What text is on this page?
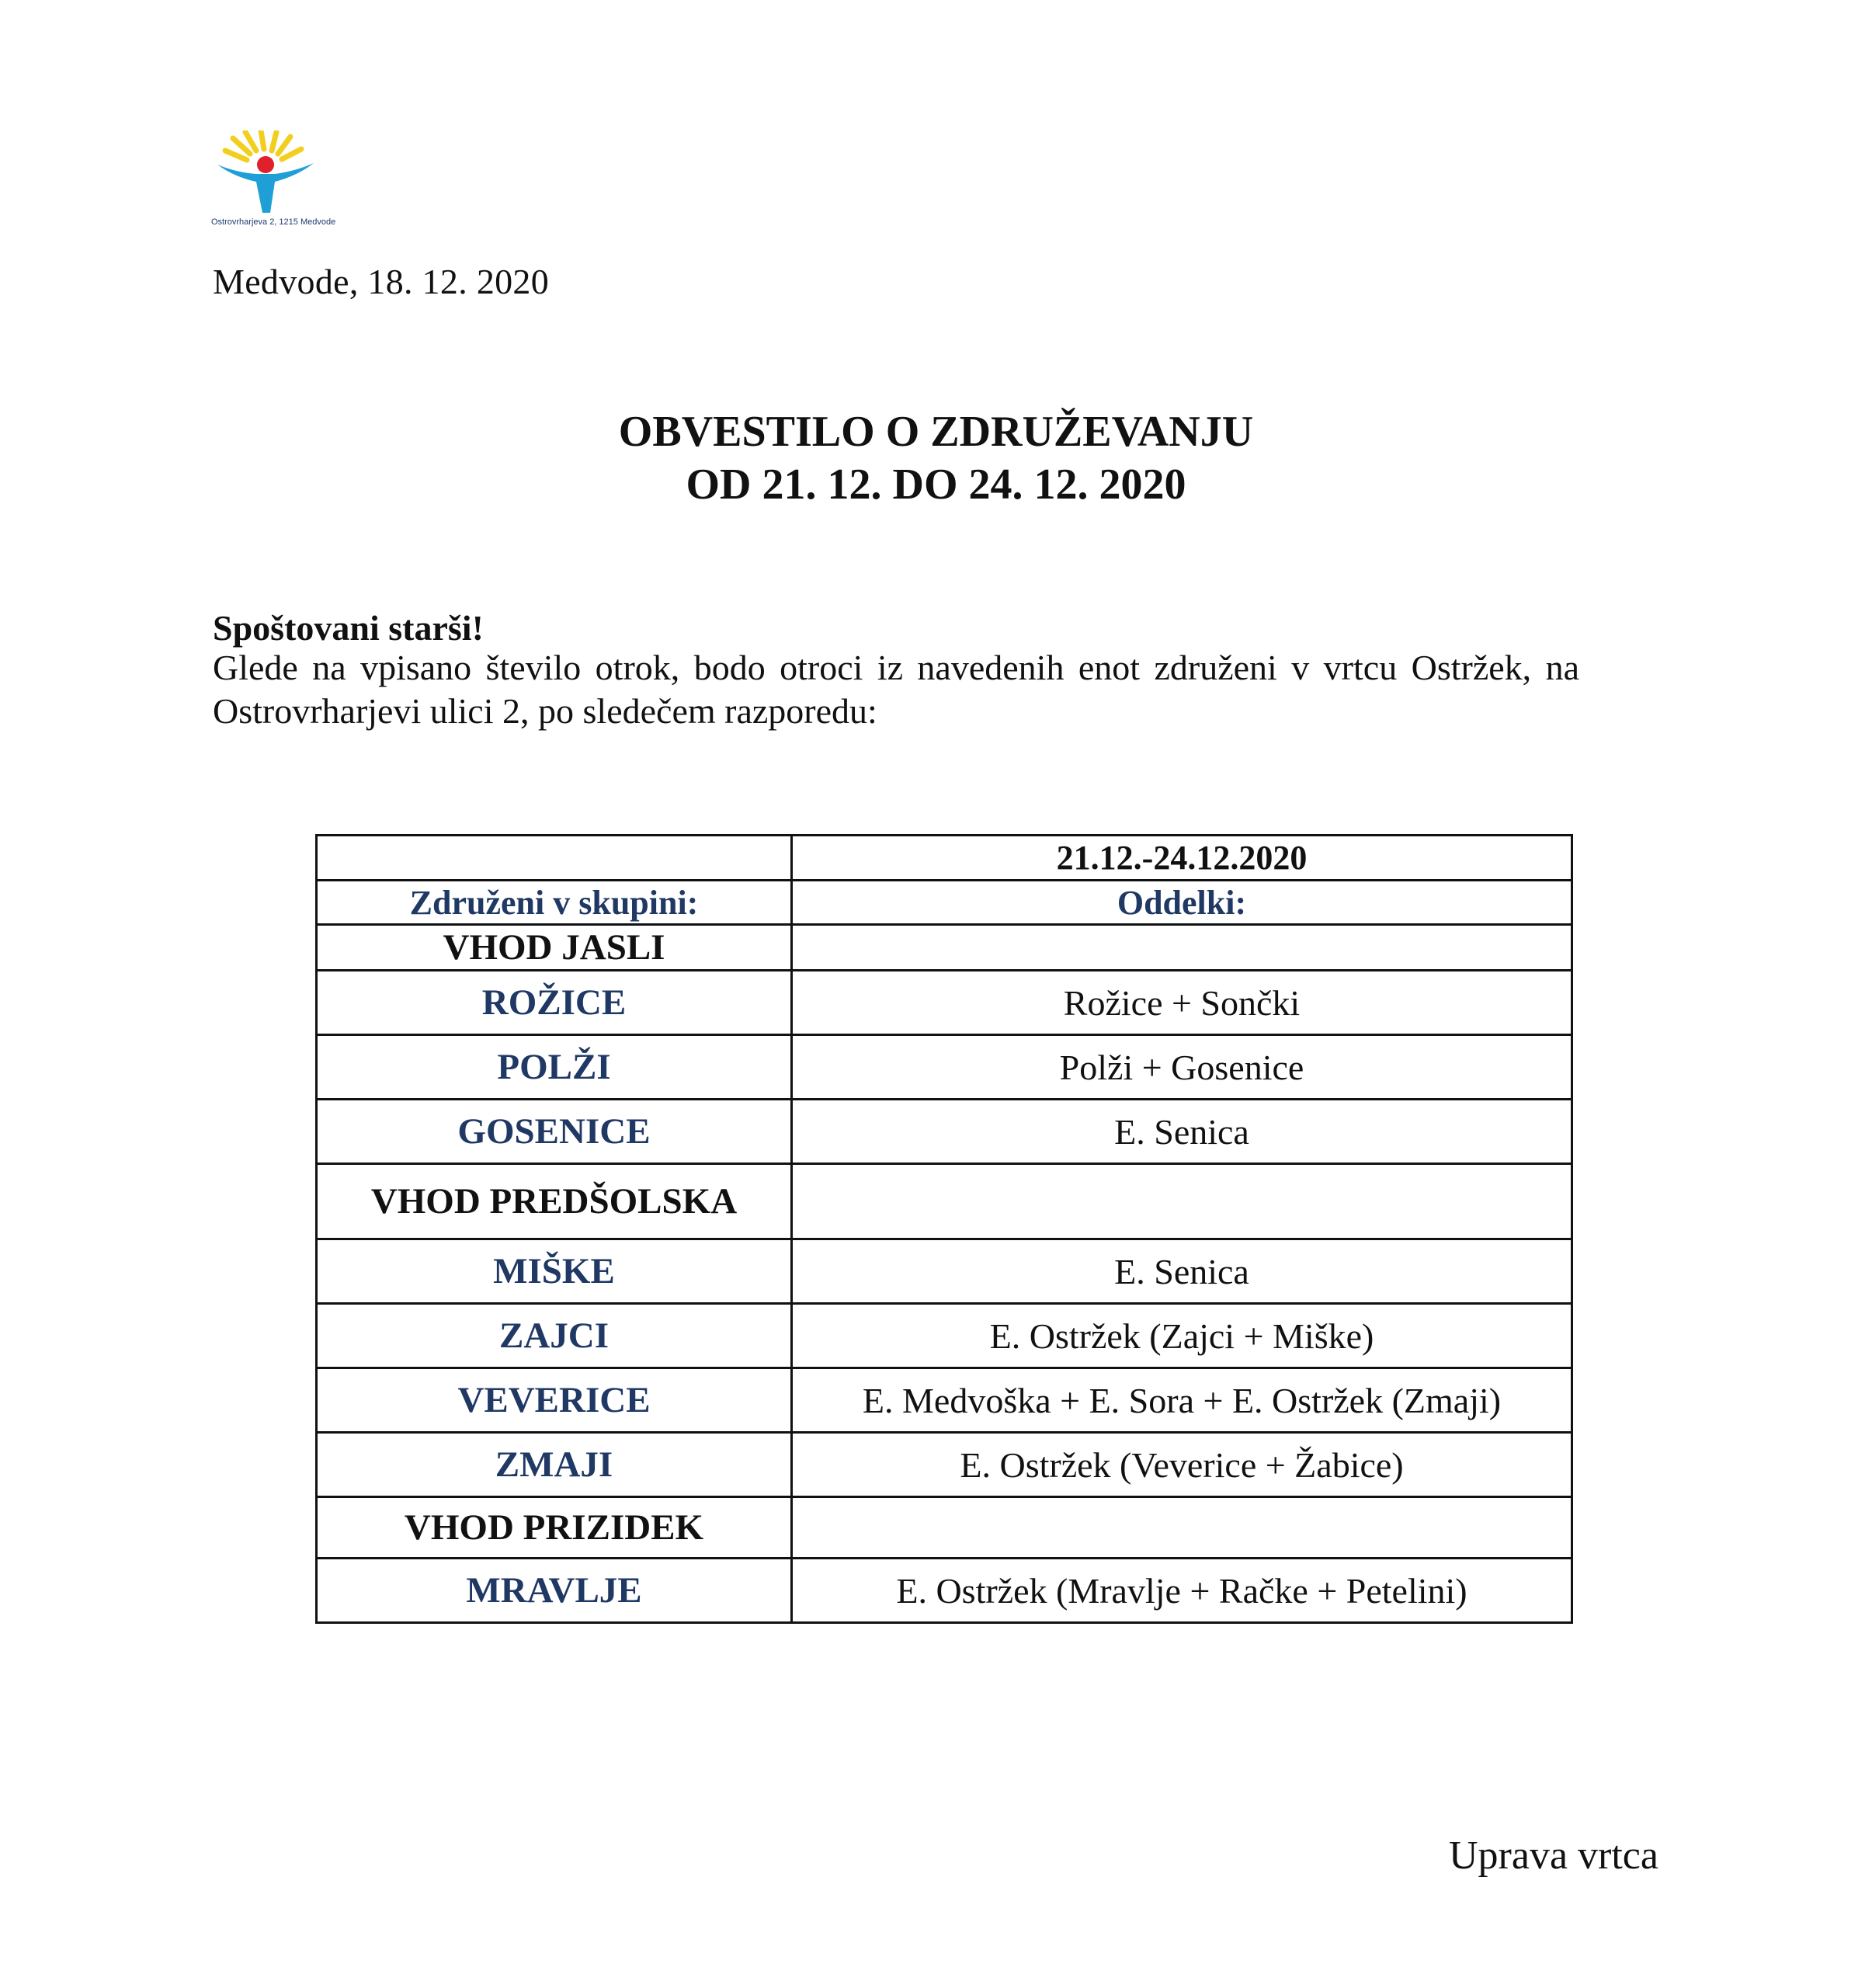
Ostrovrharjeva 2, 1215 Medvode
Medvode, 18. 12. 2020
OBVESTILO O ZDRUŽEVANJU
OD 21. 12. DO 24. 12. 2020
Spoštovani starši!
Glede na vpisano število otrok, bodo otroci iz navedenih enot združeni v vrtcu Ostržek, na Ostrovrharjevi ulici 2, po sledečem razporedu:
	21.12.-24.12.2020
Združeni v skupini:	Oddelki:
VHOD JASLI	
ROŽICE	Rožice + Sončki
POLŽI	Polži + Gosenice
GOSENICE	E. Senica
VHOD PREDŠOLSKA	
MIŠKE	E. Senica
ZAJCI	E. Ostržek (Zajci + Miške)
VEVERICE	E. Medvoška + E. Sora + E. Ostržek (Zmaji)
ZMAJI	E. Ostržek (Veverice + Žabice)
VHOD PRIZIDEK	
MRAVLJE	E. Ostržek (Mravlje + Račke + Petelini)
Uprava vrtca
